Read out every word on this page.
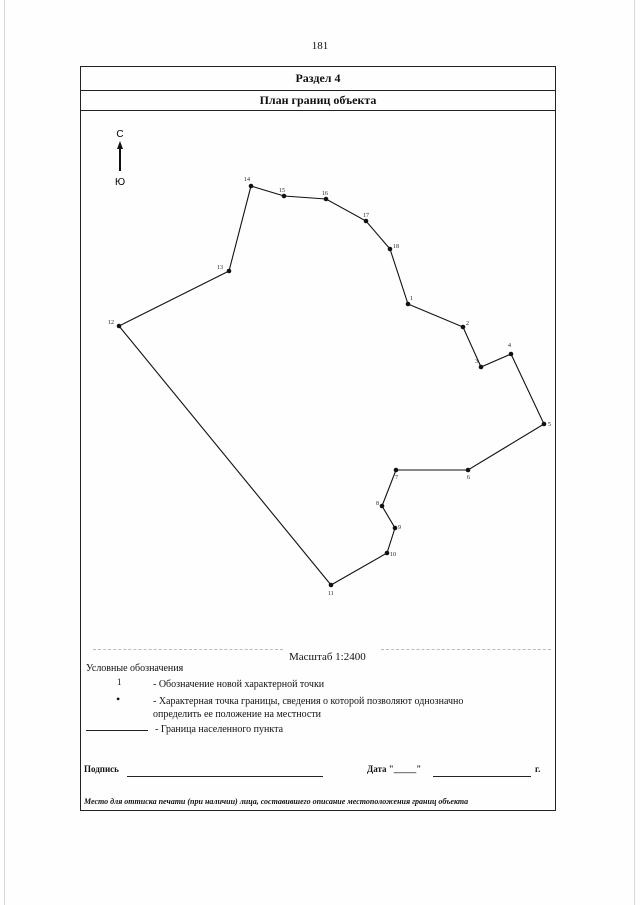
181
Раздел 4
План границ объекта
С
Ю
1
2
3
4
5
6
7
8
9
10
11
12
13
14
15	16
17
18
Масштаб 1:2400
Условные обозначения
1	- Обозначение новой характерной точки
•	- Характерная точка границы, сведения о которой позволяют однозначно
определить ее положение на местности
- Граница населенного пункта
Подпись	Дата "_____"	г.
Место для оттиска печати (при наличии) лица, составившего описание местоположения границ объекта
